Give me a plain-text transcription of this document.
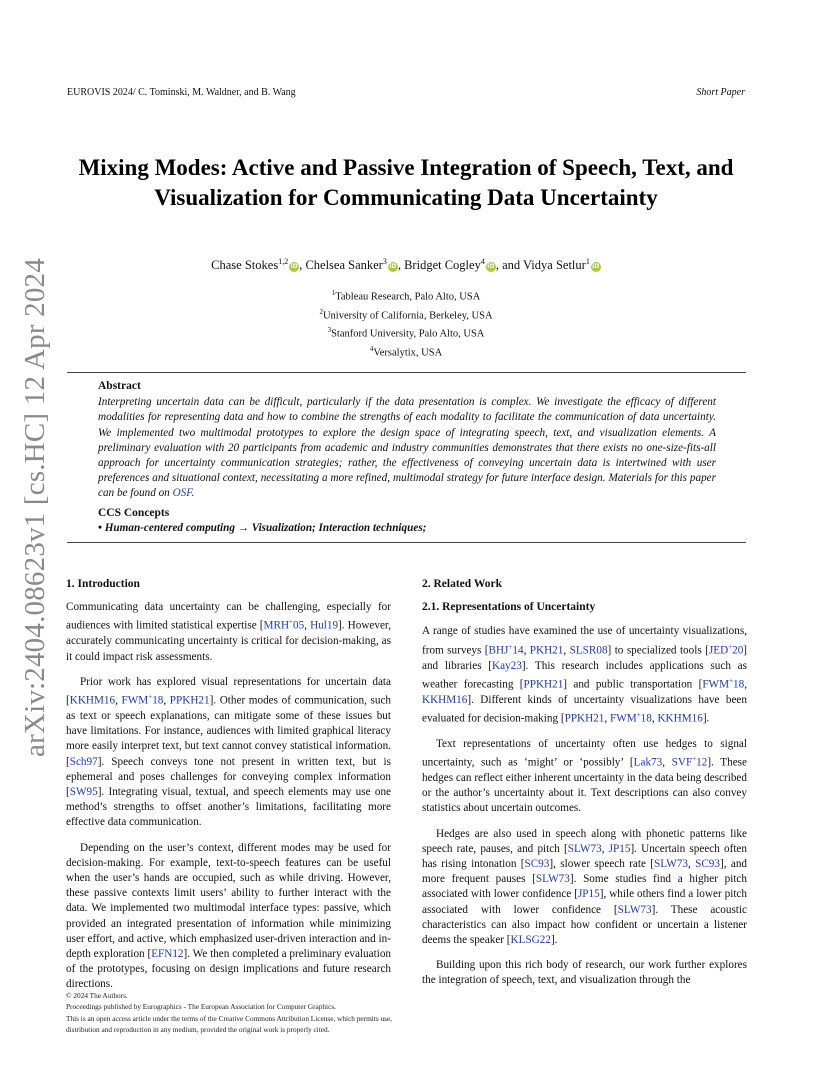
EUROVIS 2024/ C. Tominski, M. Waldner, and B. Wang	Short Paper
arXiv:2404.08623v1 [cs.HC] 12 Apr 2024
Mixing Modes: Active and Passive Integration of Speech, Text, and
Visualization for Communicating Data Uncertainty
Chase Stokes$^{1,2}$iD, Chelsea Sanker$^3$iD, Bridget Cogley$^4$iD, and Vidya Setlur$^1$iD
$^1$Tableau Research, Palo Alto, USA
$^2$University of California, Berkeley, USA
$^3$Stanford University, Palo Alto, USA
$^4$Versalytix, USA
Abstract

Interpreting uncertain data can be difficult, particularly if the data presentation is complex. We investigate the efficacy of different modalities for representing data and how to combine the strengths of each modality to facilitate the communication of data uncertainty. We implemented two multimodal prototypes to explore the design space of integrating speech, text, and visualization elements. A preliminary evaluation with 20 participants from academic and industry communities demonstrates that there exists no one-size-fits-all approach for uncertainty communication strategies; rather, the effectiveness of conveying uncertain data is intertwined with user preferences and situational context, necessitating a more refined, multimodal strategy for future interface design. Materials for this paper can be found on OSF.

CCS Concepts

• Human-centered computing → Visualization; Interaction techniques;

1. Introduction

Communicating data uncertainty can be challenging, especially for audiences with limited statistical expertise [MRH+05, Hul19]. However, accurately communicating uncertainty is critical for decision-making, as it could impact risk assessments.

Prior work has explored visual representations for uncertain data [KKHM16, FWM+18, PPKH21]. Other modes of communication, such as text or speech explanations, can mitigate some of these issues but have limitations. For instance, audiences with limited graphical literacy more easily interpret text, but text cannot convey statistical information. [Sch97]. Speech conveys tone not present in written text, but is ephemeral and poses challenges for conveying complex information [SW95]. Integrating visual, textual, and speech elements may use one method’s strengths to offset another’s limitations, facilitating more effective data communication.

Depending on the user’s context, different modes may be used for decision-making. For example, text-to-speech features can be useful when the user’s hands are occupied, such as while driving. However, these passive contexts limit users’ ability to further interact with the data. We implemented two multimodal interface types: passive, which provided an integrated presentation of information while minimizing user effort, and active, which emphasized user-driven interaction and in-depth exploration [EFN12]. We then completed a preliminary evaluation of the prototypes, focusing on design implications and future research directions.

2. Related Work
2.1. Representations of Uncertainty

A range of studies have examined the use of uncertainty visualizations, from surveys [BHJ+14, PKH21, SLSR08] to specialized tools [JED+20] and libraries [Kay23]. This research includes applications such as weather forecasting [PPKH21] and public transportation [FWM+18, KKHM16]. Different kinds of uncertainty visualizations have been evaluated for decision-making [PPKH21, FWM+18, KKHM16].

Text representations of uncertainty often use hedges to signal uncertainty, such as ‘might’ or ‘possibly’ [Lak73, SVF+12]. These hedges can reflect either inherent uncertainty in the data being described or the author’s uncertainty about it. Text descriptions can also convey statistics about uncertain outcomes.

Hedges are also used in speech along with phonetic patterns like speech rate, pauses, and pitch [SLW73, JP15]. Uncertain speech often has rising intonation [SC93], slower speech rate [SLW73, SC93], and more frequent pauses [SLW73]. Some studies find a higher pitch associated with lower confidence [JP15], while others find a lower pitch associated with lower confidence [SLW73]. These acoustic characteristics can also impact how confident or uncertain a listener deems the speaker [KLSG22].

Building upon this rich body of research, our work further explores the integration of speech, text, and visualization through the

© 2024 The Authors.
Proceedings published by Eurographics - The European Association for Computer Graphics.
This is an open access article under the terms of the Creative Commons Attribution License, which permits use, distribution and reproduction in any medium, provided the original work is properly cited.
